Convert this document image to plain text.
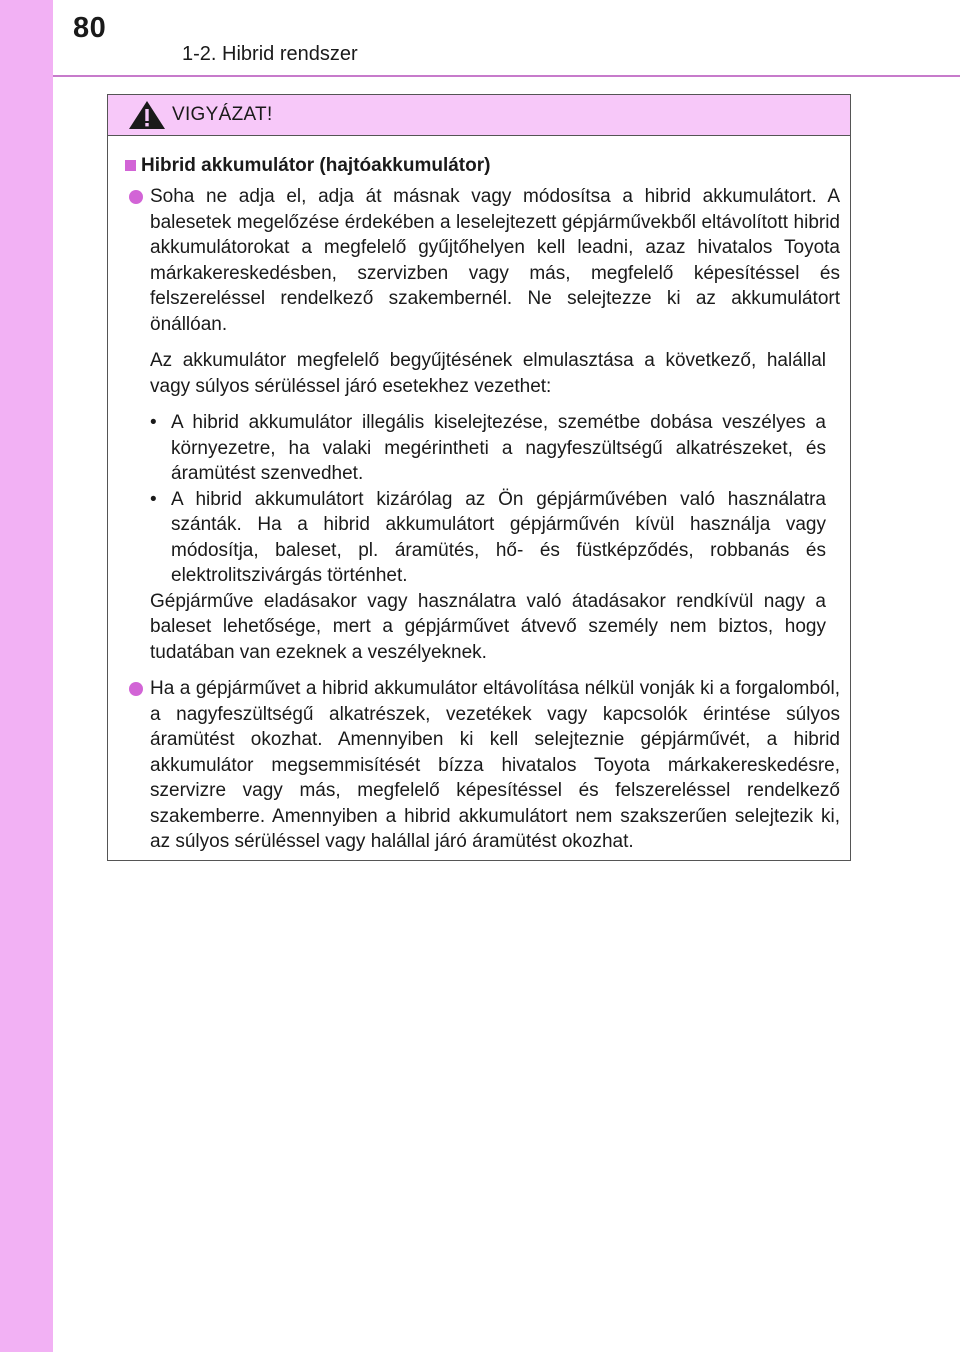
80
1-2. Hibrid rendszer
VIGYÁZAT!
Hibrid akkumulátor (hajtóakkumulátor)
Soha ne adja el, adja át másnak vagy módosítsa a hibrid akkumulátort. A balesetek megelőzése érdekében a leselejtezett gépjárművekből eltávolított hibrid akkumulátorokat a megfelelő gyűjtőhelyen kell leadni, azaz hivatalos Toyota márkakereskedésben, szervizben vagy más, megfelelő képesítéssel és felszereléssel rendelkező szakembernél. Ne selejtezze ki az akkumulátort önállóan.
Az akkumulátor megfelelő begyűjtésének elmulasztása a következő, halállal vagy súlyos sérüléssel járó esetekhez vezethet:
• A hibrid akkumulátor illegális kiselejtezése, szemétbe dobása veszélyes a környezetre, ha valaki megérintheti a nagyfeszültségű alkatrészeket, és áramütést szenvedhet.
• A hibrid akkumulátort kizárólag az Ön gépjárművében való használatra szánták. Ha a hibrid akkumulátort gépjárművén kívül használja vagy módosítja, baleset, pl. áramütés, hő- és füstképződés, robbanás és elektrolitszivárgás történhet.
Gépjárműve eladásakor vagy használatra való átadásakor rendkívül nagy a baleset lehetősége, mert a gépjárművet átvevő személy nem biztos, hogy tudatában van ezeknek a veszélyeknek.
Ha a gépjárművet a hibrid akkumulátor eltávolítása nélkül vonják ki a forgalomból, a nagyfeszültségű alkatrészek, vezetékek vagy kapcsolók érintése súlyos áramütést okozhat. Amennyiben ki kell selejteznie gépjárművét, a hibrid akkumulátor megsemmisítését bízza hivatalos Toyota márkakereskedésre, szervizre vagy más, megfelelő képesítéssel és felszereléssel rendelkező szakemberre. Amennyiben a hibrid akkumulátort nem szakszerűen selejtezik ki, az súlyos sérüléssel vagy halállal járó áramütést okozhat.
